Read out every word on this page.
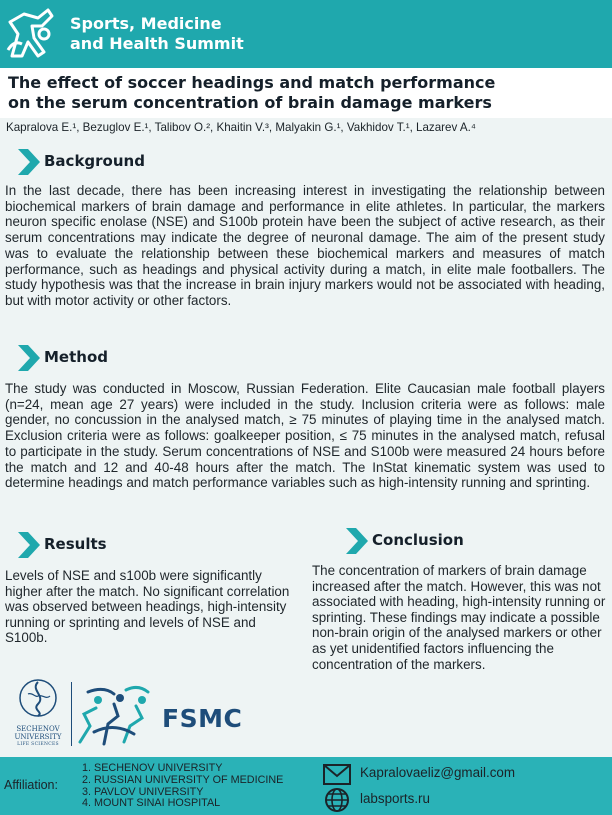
Sports, Medicine
and Health Summit
The effect of soccer headings and match performance
on the serum concentration of brain damage markers
Kapralova E.¹, Bezuglov E.¹, Talibov O.², Khaitin V.³, Malyakin G.¹, Vakhidov T.¹, Lazarev A.⁴
Background
In the last decade, there has been increasing interest in investigating the relationship between biochemical markers of brain damage and performance in elite athletes. In particular, the markers neuron specific enolase (NSE) and S100b protein have been the subject of active research, as their serum concentrations may indicate the degree of neuronal damage. The aim of the present study was to evaluate the relationship between these biochemical markers and measures of match performance, such as headings and physical activity during a match, in elite male footballers. The study hypothesis was that the increase in brain injury markers would not be associated with heading, but with motor activity or other factors.
Method
The study was conducted in Moscow, Russian Federation. Elite Caucasian male football players (n=24, mean age 27 years) were included in the study. Inclusion criteria were as follows: male gender, no concussion in the analysed match, ≥ 75 minutes of playing time in the analysed match. Exclusion criteria were as follows: goalkeeper position, ≤ 75 minutes in the analysed match, refusal to participate in the study. Serum concentrations of NSE and S100b were measured 24 hours before the match and 12 and 40-48 hours after the match. The InStat kinematic system was used to determine headings and match performance variables such as high-intensity running and sprinting.
Results
Levels of NSE and s100b were significantly higher after the match. No significant correlation was observed between headings, high-intensity running or sprinting and levels of NSE and S100b.
Conclusion
The concentration of markers of brain damage increased after the match. However, this was not associated with heading, high-intensity running or sprinting. These findings may indicate a possible non-brain origin of the analysed markers or other as yet unidentified factors influencing the concentration of the markers.
SECHENOV
UNIVERSITY
LIFE SCIENCES
FSMC
Affiliation:
1. SECHENOV UNIVERSITY
2. RUSSIAN UNIVERSITY OF MEDICINE
3. PAVLOV UNIVERSITY
4. MOUNT SINAI HOSPITAL
Kapralovaeliz@gmail.com
labsports.ru
